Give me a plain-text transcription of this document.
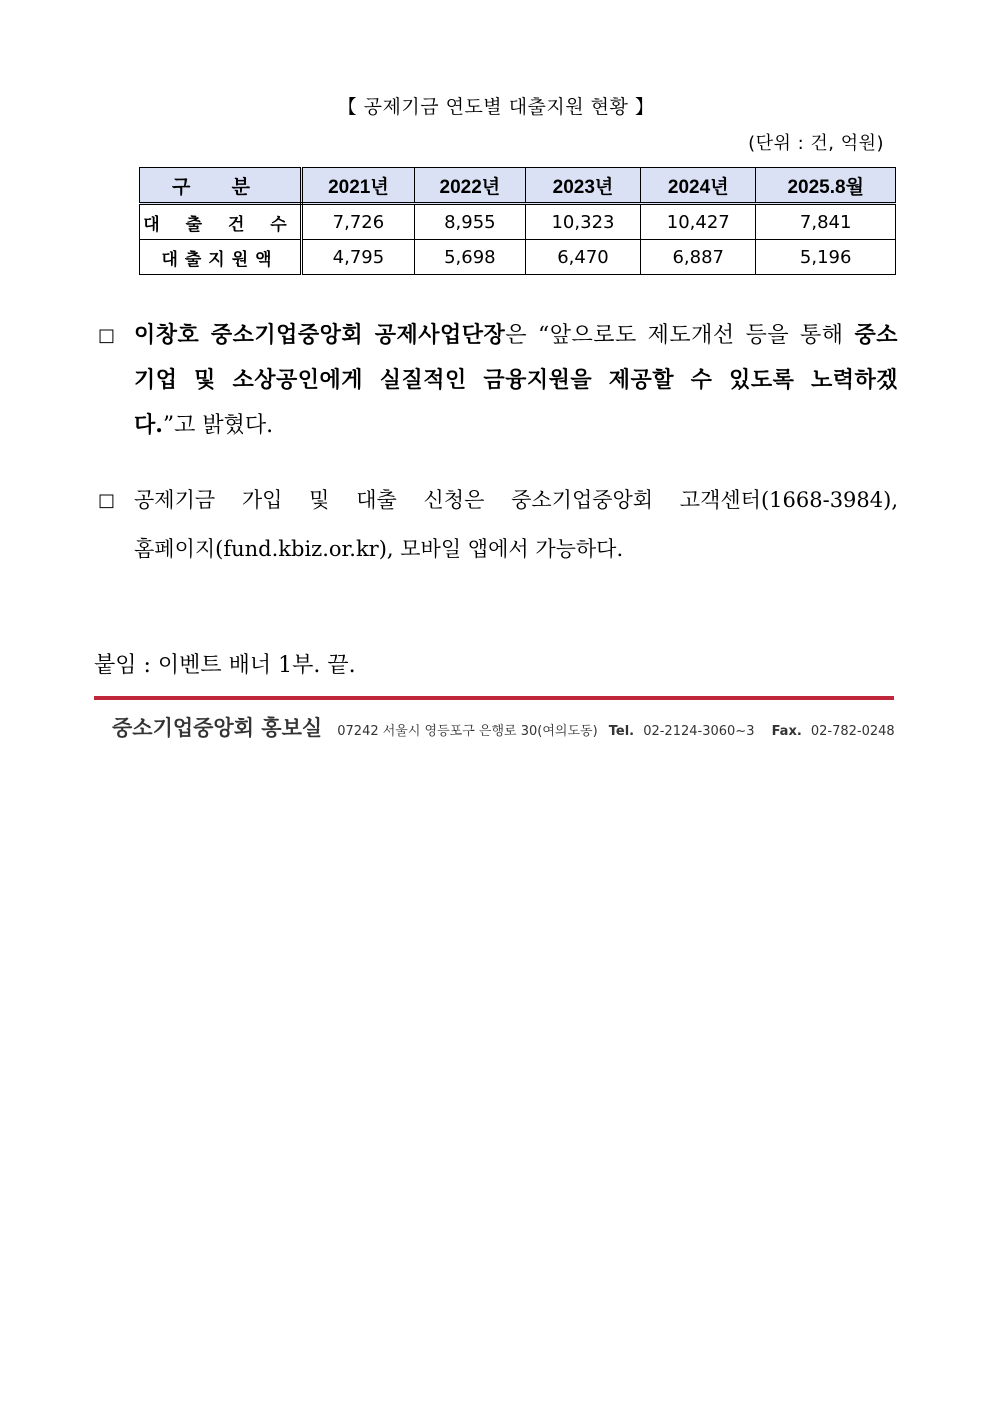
【 공제기금 연도별 대출지원 현황 】
(단위 : 건, 억원)
구 분	2021년	2022년	2023년	2024년	2025.8월
대 출 건 수	7,726	8,955	10,323	10,427	7,841
대출지원액	4,795	5,698	6,470	6,887	5,196
□ 이창호 중소기업중앙회 공제사업단장은 “앞으로도 제도개선 등을 통해 중소
기업 및 소상공인에게 실질적인 금융지원을 제공할 수 있도록 노력하겠
다.”고 밝혔다.
□ 공제기금 가입 및 대출 신청은 중소기업중앙회 고객센터(1668-3984),
홈페이지(fund.kbiz.or.kr), 모바일 앱에서 가능하다.
붙임 : 이벤트 배너 1부. 끝.
중소기업중앙회 홍보실 07242 서울시 영등포구 은행로 30(여의도동) Tel. 02-2124-3060~3 Fax. 02-782-0248
